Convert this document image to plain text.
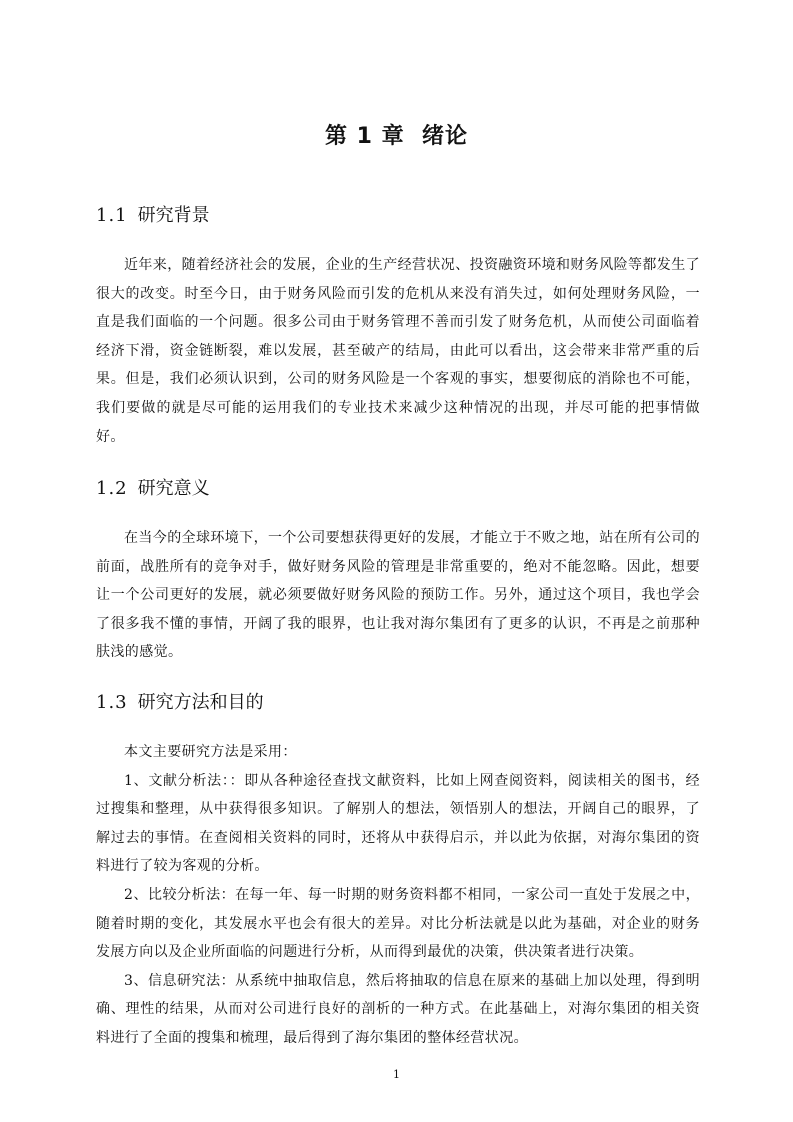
第 1 章  绪论
1.1 研究背景

近年来，随着经济社会的发展，企业的生产经营状况、投资融资环境和财务风险等都发生了很大的改变。时至今日，由于财务风险而引发的危机从来没有消失过，如何处理财务风险，一直是我们面临的一个问题。很多公司由于财务管理不善而引发了财务危机，从而使公司面临着经济下滑，资金链断裂，难以发展，甚至破产的结局，由此可以看出，这会带来非常严重的后果。但是，我们必须认识到，公司的财务风险是一个客观的事实，想要彻底的消除也不可能，我们要做的就是尽可能的运用我们的专业技术来减少这种情况的出现，并尽可能的把事情做好。

1.2 研究意义

在当今的全球环境下，一个公司要想获得更好的发展，才能立于不败之地，站在所有公司的前面，战胜所有的竞争对手，做好财务风险的管理是非常重要的，绝对不能忽略。因此，想要让一个公司更好的发展，就必须要做好财务风险的预防工作。另外，通过这个项目，我也学会了很多我不懂的事情，开阔了我的眼界，也让我对海尔集团有了更多的认识，不再是之前那种肤浅的感觉。

1.3 研究方法和目的

本文主要研究方法是采用：

1、文献分析法：：即从各种途径查找文献资料，比如上网查阅资料，阅读相关的图书，经过搜集和整理，从中获得很多知识。了解别人的想法，领悟别人的想法，开阔自己的眼界，了解过去的事情。在查阅相关资料的同时，还将从中获得启示，并以此为依据，对海尔集团的资料进行了较为客观的分析。

2、比较分析法：在每一年、每一时期的财务资料都不相同，一家公司一直处于发展之中，随着时期的变化，其发展水平也会有很大的差异。对比分析法就是以此为基础，对企业的财务发展方向以及企业所面临的问题进行分析，从而得到最优的决策，供决策者进行决策。

3、信息研究法：从系统中抽取信息，然后将抽取的信息在原来的基础上加以处理，得到明确、理性的结果，从而对公司进行良好的剖析的一种方式。在此基础上，对海尔集团的相关资料进行了全面的搜集和梳理，最后得到了海尔集团的整体经营状况。

1
